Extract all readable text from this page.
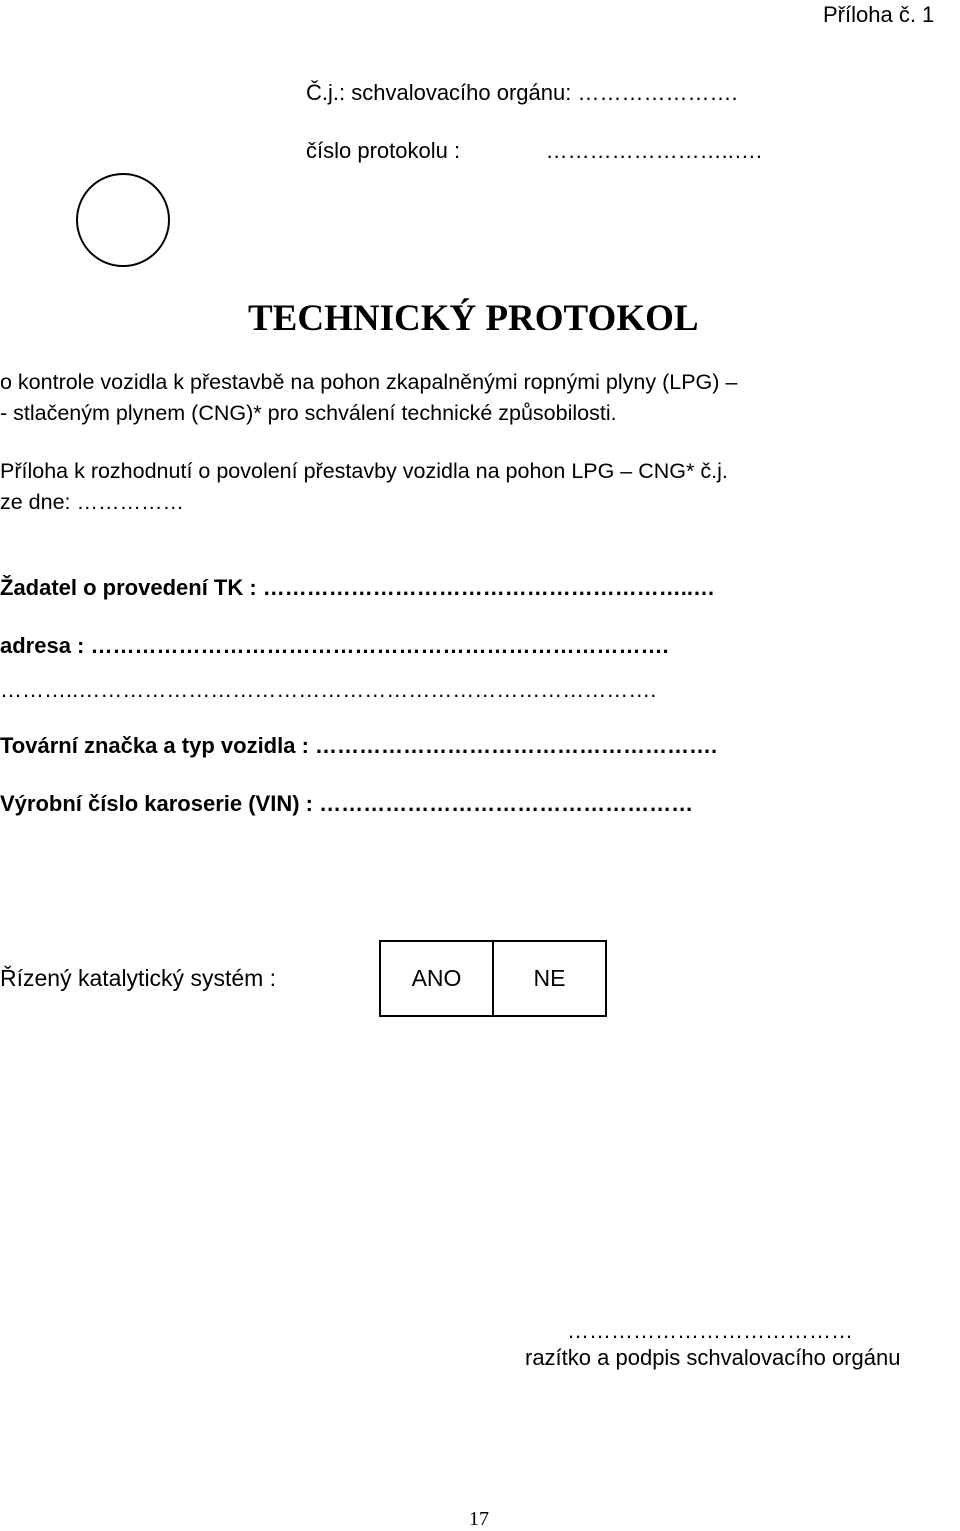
Příloha č. 1
Č.j.: schvalovacího orgánu: ………………….
číslo protokolu :              ……………………..….
TECHNICKÝ PROTOKOL
o kontrole vozidla k přestavbě na pohon zkapalněnými ropnými plyny (LPG) –
- stlačeným plynem (CNG)* pro schválení technické způsobilosti.
Příloha k rozhodnutí o povolení přestavby vozidla na pohon LPG – CNG* č.j.
ze dne: ……………
Žadatel o provedení TK : …………………………………………………..…
adresa : …………………………………………………………………….
………..…………………………………………………………………….
Tovární značka a typ vozidla : ……………………………………………….
Výrobní číslo karoserie (VIN) : ……………………………………………
Řízený katalytický systém :	ANO	NE
…………………………………
razítko a podpis schvalovacího orgánu
17
